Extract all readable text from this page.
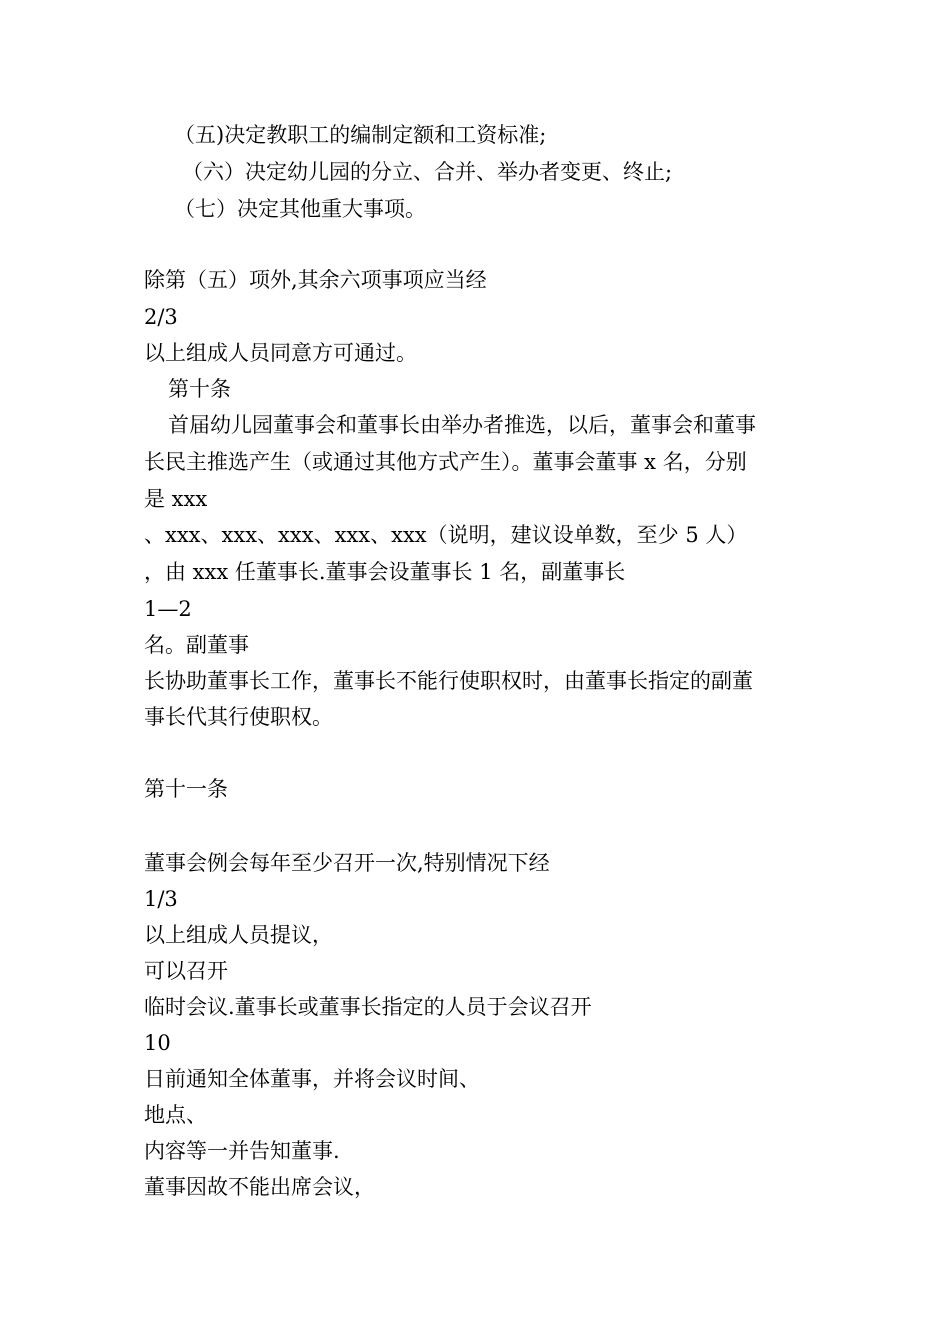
（五)决定教职工的编制定额和工资标准;
（六）决定幼儿园的分立、合并、举办者变更、终止;
（七）决定其他重大事项。
除第（五）项外,其余六项事项应当经
2/3
以上组成人员同意方可通过。
第十条
首届幼儿园董事会和董事长由举办者推选，以后，董事会和董事
长民主推选产生（或通过其他方式产生）。董事会董事 x 名，分别
是 xxx
、xxx、xxx、xxx、xxx、xxx（说明，建议设单数，至少 5 人）
，由 xxx 任董事长.董事会设董事长 1 名，副董事长
1—2
名。副董事
长协助董事长工作，董事长不能行使职权时，由董事长指定的副董
事长代其行使职权。
第十一条
董事会例会每年至少召开一次,特别情况下经
1/3
以上组成人员提议，
可以召开
临时会议.董事长或董事长指定的人员于会议召开
10
日前通知全体董事，并将会议时间、
地点、
内容等一并告知董事.
董事因故不能出席会议，
